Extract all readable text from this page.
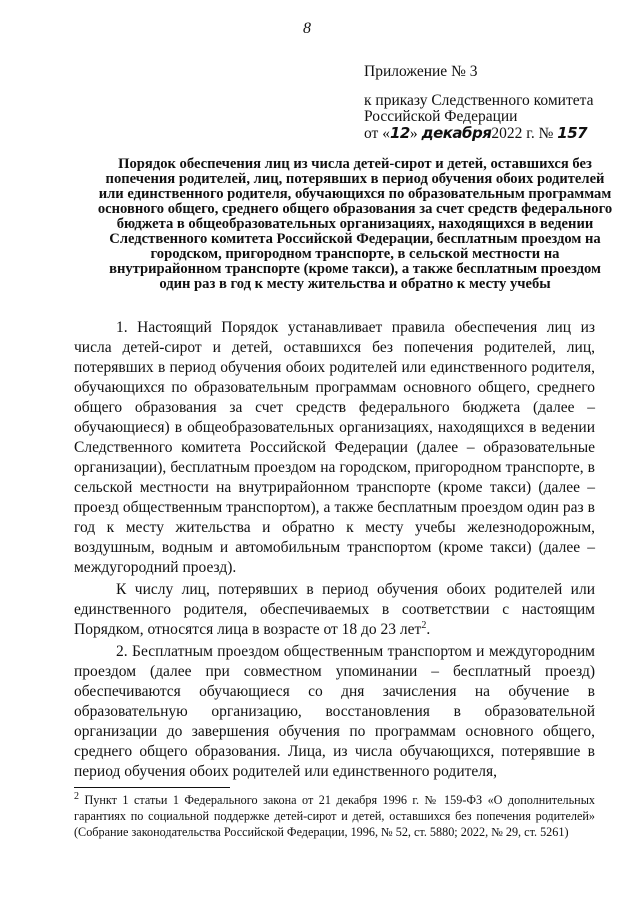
8
Приложение № 3
к приказу Следственного комитета
Российской Федерации
от «12» декабря2022 г. № 157
Порядок обеспечения лиц из числа детей-сирот и детей, оставшихся без попечения родителей, лиц, потерявших в период обучения обоих родителей или единственного родителя, обучающихся по образовательным программам основного общего, среднего общего образования за счет средств федерального бюджета в общеобразовательных организациях, находящихся в ведении Следственного комитета Российской Федерации, бесплатным проездом на городском, пригородном транспорте, в сельской местности на внутрирайонном транспорте (кроме такси), а также бесплатным проездом один раз в год к месту жительства и обратно к месту учебы

1. Настоящий Порядок устанавливает правила обеспечения лиц из числа детей-сирот и детей, оставшихся без попечения родителей, лиц, потерявших в период обучения обоих родителей или единственного родителя, обучающихся по образовательным программам основного общего, среднего общего образования за счет средств федерального бюджета (далее – обучающиеся) в общеобразовательных организациях, находящихся в ведении Следственного комитета Российской Федерации (далее – образовательные организации), бесплатным проездом на городском, пригородном транспорте, в сельской местности на внутрирайонном транспорте (кроме такси) (далее – проезд общественным транспортом), а также бесплатным проездом один раз в год к месту жительства и обратно к месту учебы железнодорожным, воздушным, водным и автомобильным транспортом (кроме такси) (далее – междугородний проезд).

К числу лиц, потерявших в период обучения обоих родителей или единственного родителя, обеспечиваемых в соответствии с настоящим Порядком, относятся лица в возрасте от 18 до 23 лет$^2$.

2. Бесплатным проездом общественным транспортом и междугородним проездом (далее при совместном упоминании – бесплатный проезд) обеспечиваются обучающиеся со дня зачисления на обучение в образовательную организацию, восстановления в образовательной организации до завершения обучения по программам основного общего, среднего общего образования. Лица, из числа обучающихся, потерявшие в период обучения обоих родителей или единственного родителя,

$^2$ Пункт 1 статьи 1 Федерального закона от 21 декабря 1996 г. № 159-ФЗ «О дополнительных гарантиях по социальной поддержке детей-сирот и детей, оставшихся без попечения родителей» (Собрание законодательства Российской Федерации, 1996, № 52, ст. 5880; 2022, № 29, ст. 5261)
